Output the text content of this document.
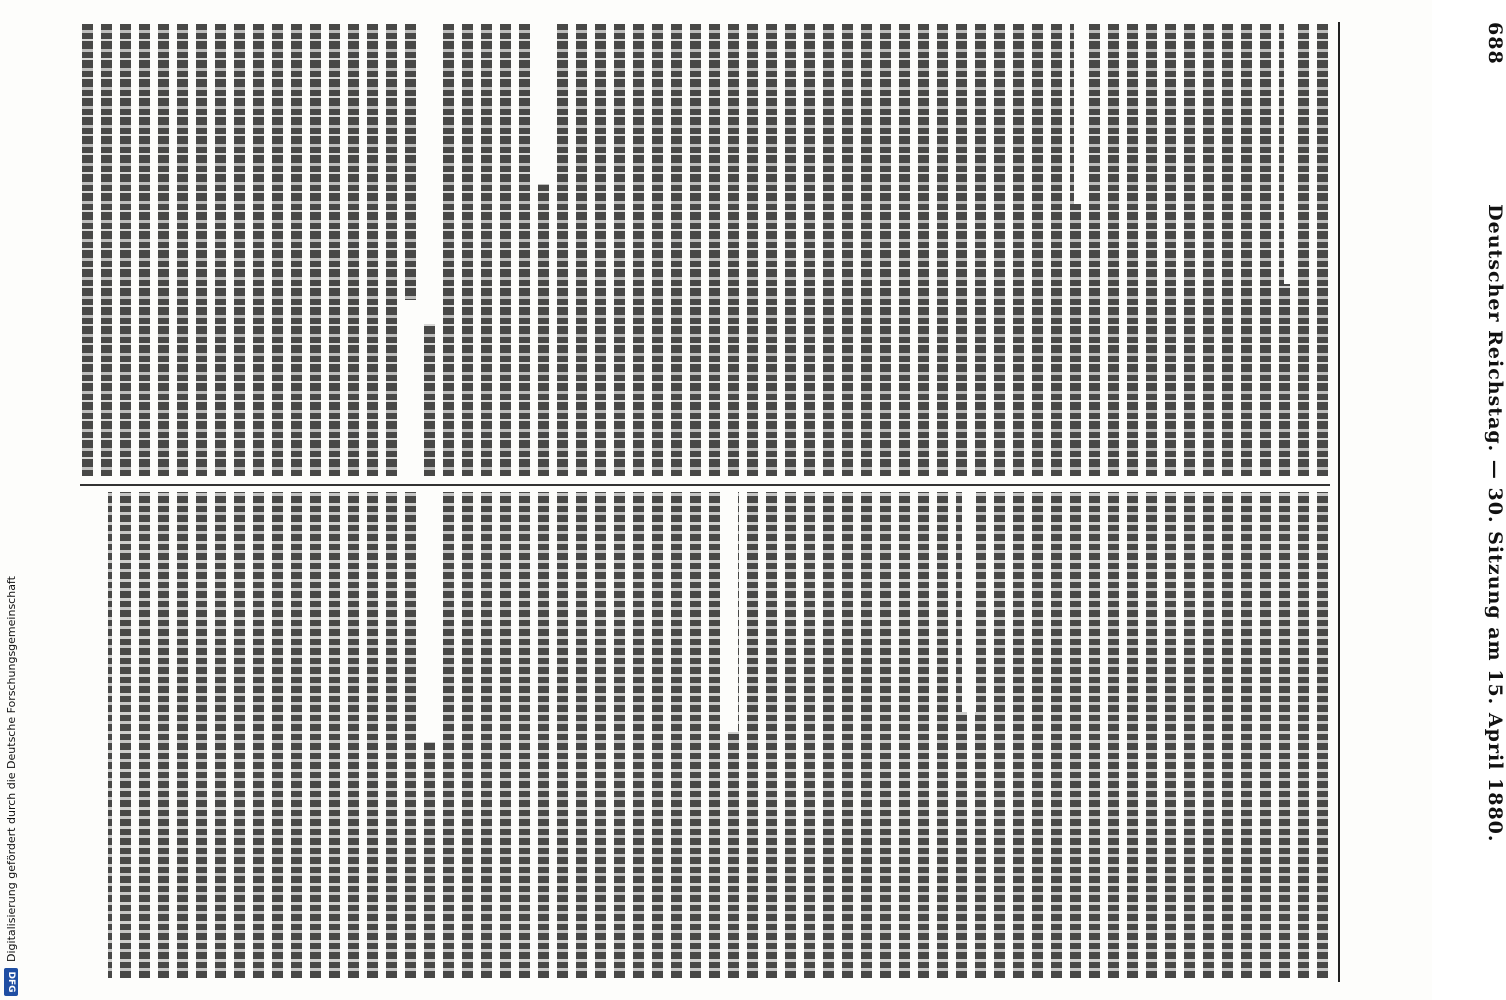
688
Deutscher Reichstag. — 30. Sitzung am 15. April 1880.
DFG
Digitalisierung gefördert durch die Deutsche Forschungsgemeinschaft
